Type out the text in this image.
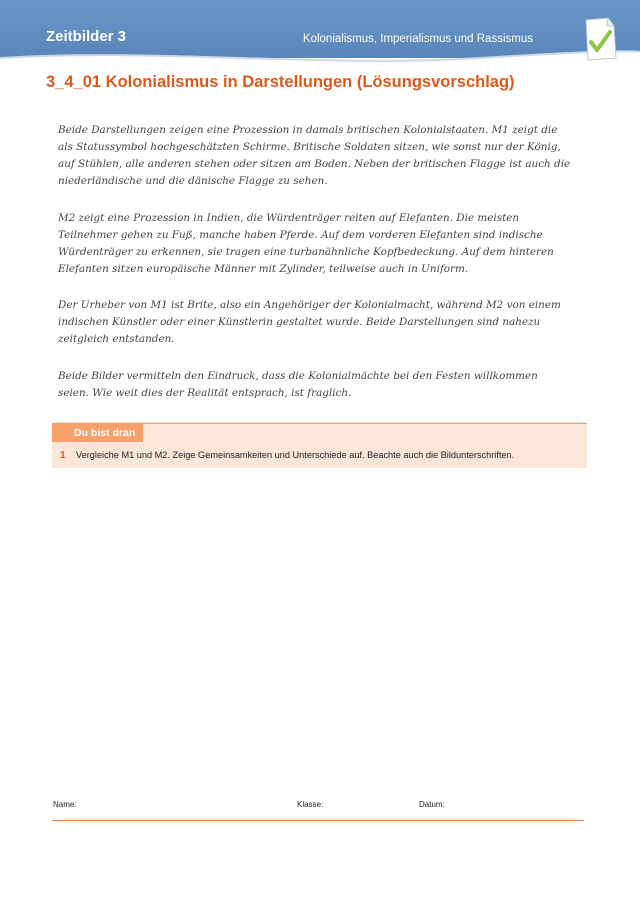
Zeitbilder 3	Kolonialismus, Imperialismus und Rassismus
3_4_01 Kolonialismus in Darstellungen (Lösungsvorschlag)

Beide Darstellungen zeigen eine Prozession in damals britischen Kolonialstaaten. M1 zeigt die
als Statussymbol hochgeschätzten Schirme. Britische Soldaten sitzen, wie sonst nur der König,
auf Stühlen, alle anderen stehen oder sitzen am Boden. Neben der britischen Flagge ist auch die
niederländische und die dänische Flagge zu sehen.

M2 zeigt eine Prozession in Indien, die Würdenträger reiten auf Elefanten. Die meisten
Teilnehmer gehen zu Fuß, manche haben Pferde. Auf dem vorderen Elefanten sind indische
Würdenträger zu erkennen, sie tragen eine turbanähnliche Kopfbedeckung. Auf dem hinteren
Elefanten sitzen europäische Männer mit Zylinder, teilweise auch in Uniform.

Der Urheber von M1 ist Brite, also ein Angehöriger der Kolonialmacht, während M2 von einem
indischen Künstler oder einer Künstlerin gestaltet wurde. Beide Darstellungen sind nahezu
zeitgleich entstanden.

Beide Bilder vermitteln den Eindruck, dass die Kolonialmächte bei den Festen willkommen
seien. Wie weit dies der Realität entsprach, ist fraglich.

Du bist dran
1 Vergleiche M1 und M2. Zeige Gemeinsamkeiten und Unterschiede auf. Beachte auch die Bildunterschriften.
Name:	Klasse:	Datum:
